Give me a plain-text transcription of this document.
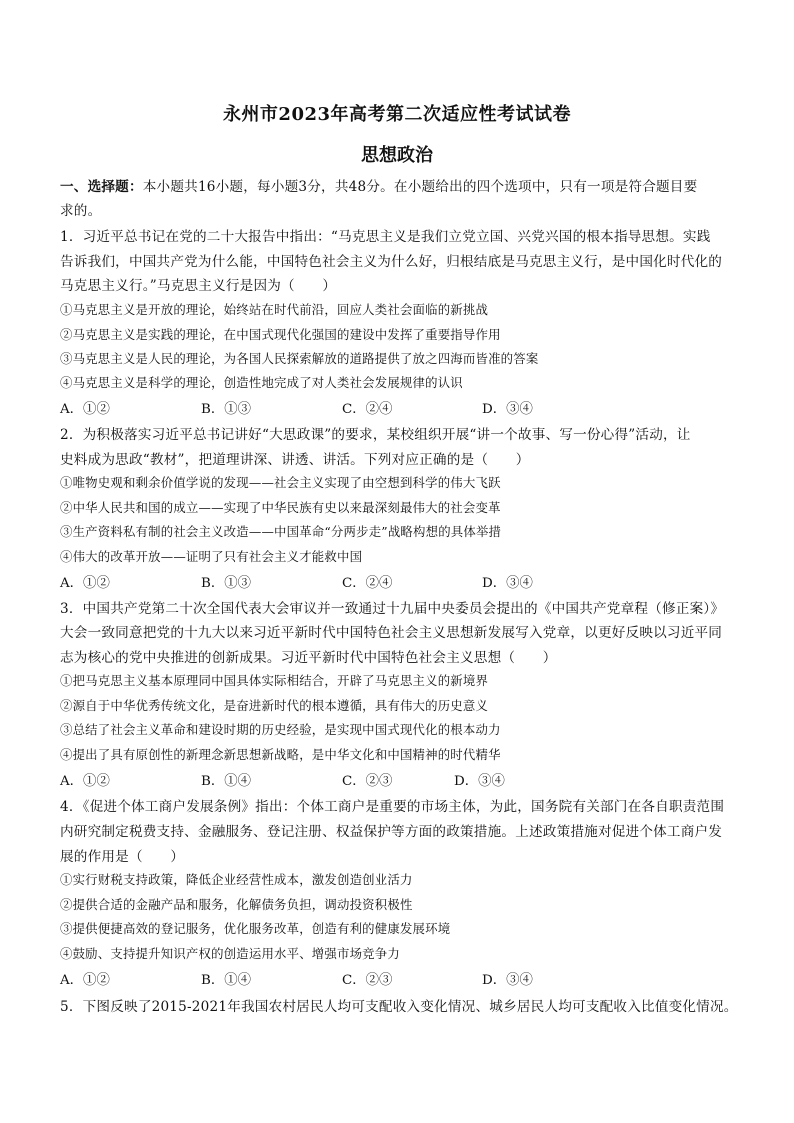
永州市2023年高考第二次适应性考试试卷
思想政治
一、选择题：本小题共16小题，每小题3分，共48分。在小题给出的四个选项中，只有一项是符合题目要
求的。
1．习近平总书记在党的二十大报告中指出：“马克思主义是我们立党立国、兴党兴国的根本指导思想。实践
告诉我们，中国共产党为什么能，中国特色社会主义为什么好，归根结底是马克思主义行，是中国化时代化的
马克思主义行。”马克思主义行是因为（　　）
①马克思主义是开放的理论，始终站在时代前沿，回应人类社会面临的新挑战
②马克思主义是实践的理论，在中国式现代化强国的建设中发挥了重要指导作用
③马克思主义是人民的理论，为各国人民探索解放的道路提供了放之四海而皆准的答案
④马克思主义是科学的理论，创造性地完成了对人类社会发展规律的认识
A．①②	B．①③	C．②④	D．③④
2．为积极落实习近平总书记讲好“大思政课”的要求，某校组织开展“讲一个故事、写一份心得”活动，让
史料成为思政“教材”，把道理讲深、讲透、讲活。下列对应正确的是（　　）
①唯物史观和剩余价值学说的发现——社会主义实现了由空想到科学的伟大飞跃
②中华人民共和国的成立——实现了中华民族有史以来最深刻最伟大的社会变革
③生产资料私有制的社会主义改造——中国革命“分两步走”战略构想的具体举措
④伟大的改革开放——证明了只有社会主义才能救中国
A．①②	B．①③	C．②④	D．③④
3．中国共产党第二十次全国代表大会审议并一致通过十九届中央委员会提出的《中国共产党章程（修正案）》
大会一致同意把党的十九大以来习近平新时代中国特色社会主义思想新发展写入党章，以更好反映以习近平同
志为核心的党中央推进的创新成果。习近平新时代中国特色社会主义思想（　　）
①把马克思主义基本原理同中国具体实际相结合，开辟了马克思主义的新境界
②源自于中华优秀传统文化，是奋进新时代的根本遵循，具有伟大的历史意义
③总结了社会主义革命和建设时期的历史经验，是实现中国式现代化的根本动力
④提出了具有原创性的新理念新思想新战略，是中华文化和中国精神的时代精华
A．①②	B．①④	C．②③	D．③④
4．《促进个体工商户发展条例》指出：个体工商户是重要的市场主体，为此，国务院有关部门在各自职责范围
内研究制定税费支持、金融服务、登记注册、权益保护等方面的政策措施。上述政策措施对促进个体工商户发
展的作用是（　　）
①实行财税支持政策，降低企业经营性成本，激发创造创业活力
②提供合适的金融产品和服务，化解债务负担，调动投资积极性
③提供便捷高效的登记服务，优化服务改革，创造有利的健康发展环境
④鼓励、支持提升知识产权的创造运用水平、增强市场竞争力
A．①②	B．①④	C．②③	D．③④
5．下图反映了2015-2021年我国农村居民人均可支配收入变化情况、城乡居民人均可支配收入比值变化情况。
